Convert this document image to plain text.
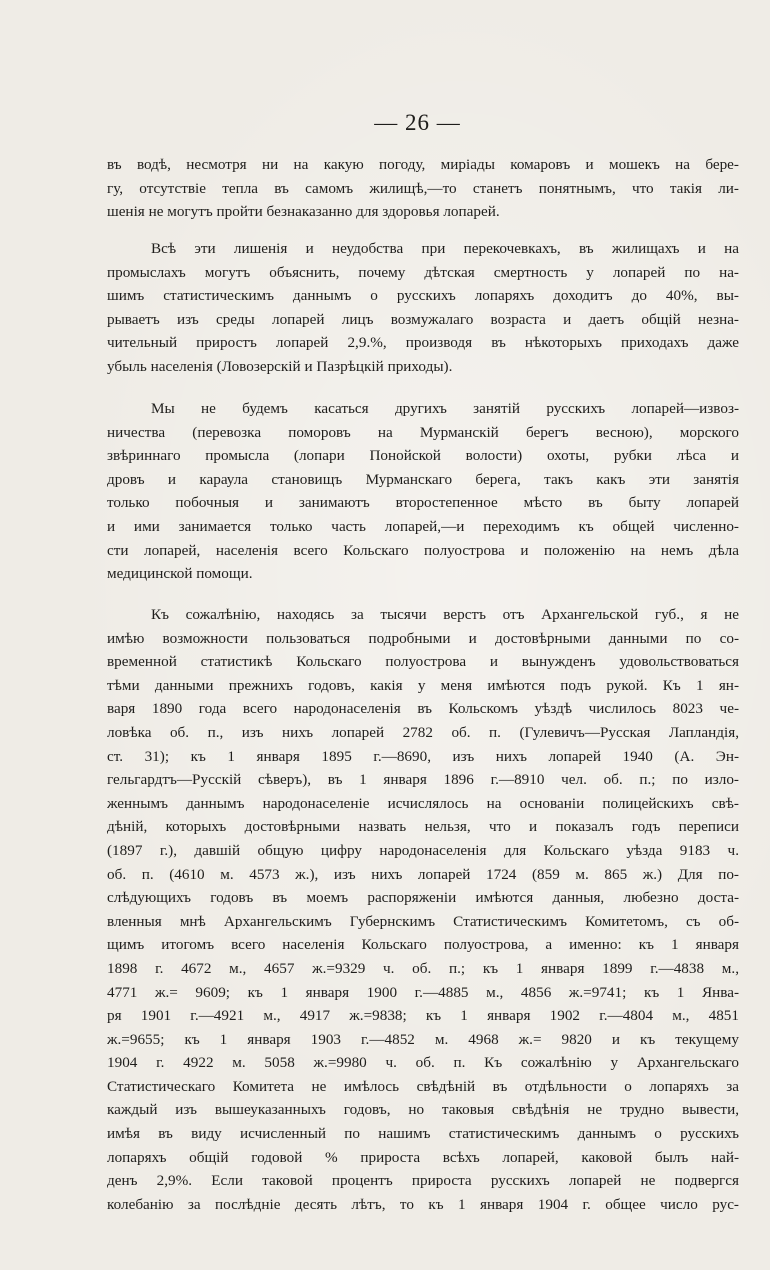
— 26 —
въ водѣ, несмотря ни на какую погоду, миріады комаровъ и мошекъ на бере-
гу, отсутствіе тепла въ самомъ жилищѣ,—то станетъ понятнымъ, что такія ли-
шенія не могутъ пройти безнаказанно для здоровья лопарей.
Всѣ эти лишенія и неудобства при перекочевкахъ, въ жилищахъ и на
промыслахъ могутъ объяснить, почему дѣтская смертность у лопарей по на-
шимъ статистическимъ даннымъ о русскихъ лопаряхъ доходитъ до 40%, вы-
рываетъ изъ среды лопарей лицъ возмужалаго возраста и даетъ общій незна-
чительный приростъ лопарей 2,9.%, производя въ нѣкоторыхъ приходахъ даже
убыль населенія (Ловозерскій и Пазрѣцкій приходы).
Мы не будемъ касаться другихъ занятій русскихъ лопарей—извоз-
ничества (перевозка поморовъ на Мурманскій берегъ весною), морского
звѣриннаго промысла (лопари Понойской волости) охоты, рубки лѣса и
дровъ и караула становищъ Мурманскаго берега, такъ какъ эти занятія
только побочныя и занимаютъ второстепенное мѣсто въ быту лопарей
и ими занимается только часть лопарей,—и переходимъ къ общей численно-
сти лопарей, населенія всего Кольскаго полуострова и положенію на немъ дѣла
медицинской помощи.
Къ сожалѣнію, находясь за тысячи верстъ отъ Архангельской губ., я не
имѣю возможности пользоваться подробными и достовѣрными данными по со-
временной статистикѣ Кольскаго полуострова и вынужденъ удовольствоваться
тѣми данными прежнихъ годовъ, какія у меня имѣются подъ рукой. Къ 1 ян-
варя 1890 года всего народонаселенія въ Кольскомъ уѣздѣ числилось 8023 че-
ловѣка об. п., изъ нихъ лопарей 2782 об. п. (Гулевичъ—Русская Лапландія,
ст. 31); къ 1 января 1895 г.—8690, изъ нихъ лопарей 1940 (А. Эн-
гельгардтъ—Русскій сѣверъ), въ 1 января 1896 г.—8910 чел. об. п.; по изло-
женнымъ даннымъ народонаселеніе исчислялось на основаніи полицейскихъ свѣ-
дѣній, которыхъ достовѣрными назвать нельзя, что и показалъ годъ переписи
(1897 г.), давшій общую цифру народонаселенія для Кольскаго уѣзда 9183 ч.
об. п. (4610 м. 4573 ж.), изъ нихъ лопарей 1724 (859 м. 865 ж.) Для по-
слѣдующихъ годовъ въ моемъ распоряженіи имѣются данныя, любезно доста-
вленныя мнѣ Архангельскимъ Губернскимъ Статистическимъ Комитетомъ, съ об-
щимъ итогомъ всего населенія Кольскаго полуострова, а именно: къ 1 января
1898 г. 4672 м., 4657 ж.=9329 ч. об. п.; къ 1 января 1899 г.—4838 м.,
4771 ж.= 9609; къ 1 января 1900 г.—4885 м., 4856 ж.=9741; къ 1 Янва-
ря 1901 г.—4921 м., 4917 ж.=9838; къ 1 января 1902 г.—4804 м., 4851
ж.=9655; къ 1 января 1903 г.—4852 м. 4968 ж.= 9820 и къ текущему
1904 г. 4922 м. 5058 ж.=9980 ч. об. п. Къ сожалѣнію у Архангельскаго
Статистическаго Комитета не имѣлось свѣдѣній въ отдѣльности о лопаряхъ за
каждый изъ вышеуказанныхъ годовъ, но таковыя свѣдѣнія не трудно вывести,
имѣя въ виду исчисленный по нашимъ статистическимъ даннымъ о русскихъ
лопаряхъ общій годовой % прироста всѣхъ лопарей, каковой былъ най-
денъ 2,9%. Если таковой процентъ прироста русскихъ лопарей не подвергся
колебанію за послѣдніе десять лѣтъ, то къ 1 января 1904 г. общее число рус-
